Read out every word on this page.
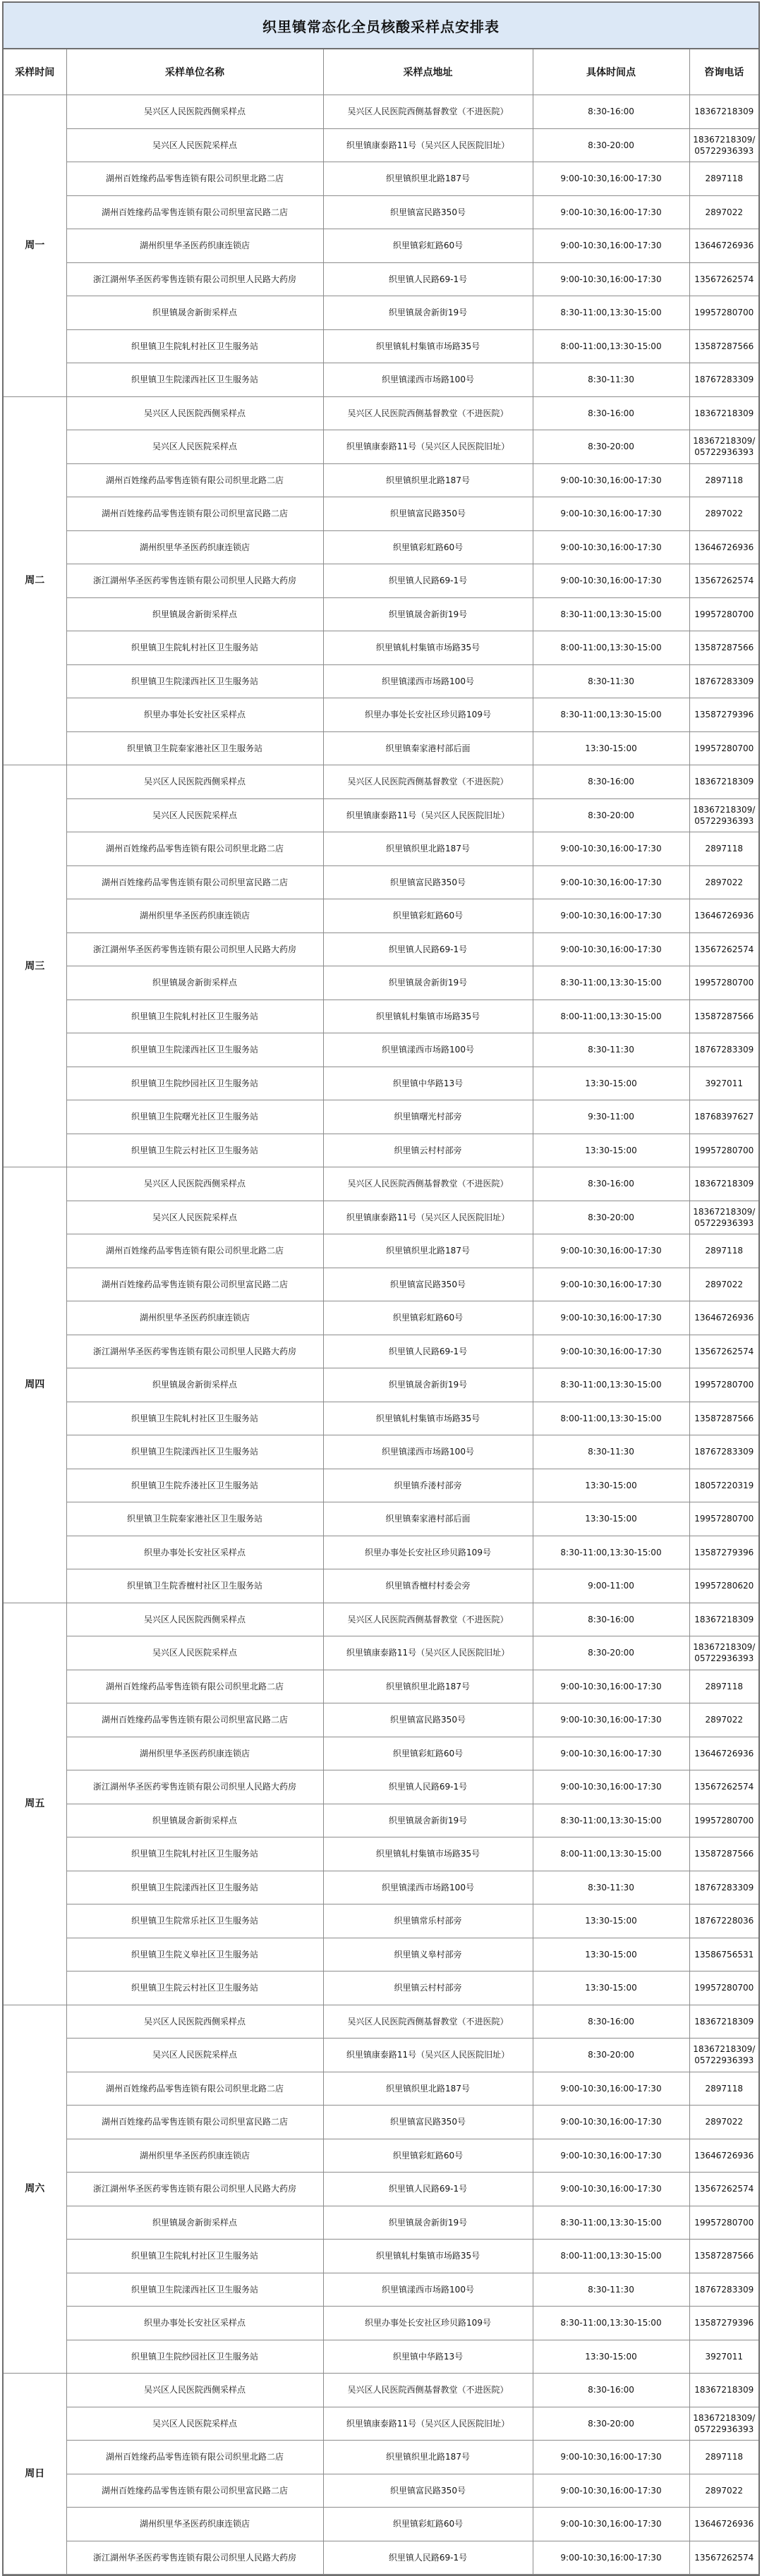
织里镇常态化全员核酸采样点安排表
采样时间	采样单位名称	采样点地址	具体时间点	咨询电话
周一	吴兴区人民医院西侧采样点	吴兴区人民医院西侧基督教堂（不进医院）	8:30-16:00	18367218309
	吴兴区人民医院采样点	织里镇康泰路11号（吴兴区人民医院旧址）	8:30-20:00	18367218309/
05722936393
	湖州百姓缘药品零售连锁有限公司织里北路二店	织里镇织里北路187号	9:00-10:30,16:00-17:30	2897118
	湖州百姓缘药品零售连锁有限公司织里富民路二店	织里镇富民路350号	9:00-10:30,16:00-17:30	2897022
	湖州织里华圣医药织康连锁店	织里镇彩虹路60号	9:00-10:30,16:00-17:30	13646726936
	浙江湖州华圣医药零售连锁有限公司织里人民路大药房	织里镇人民路69-1号	9:00-10:30,16:00-17:30	13567262574
	织里镇晟舍新街采样点	织里镇晟舍新街19号	8:30-11:00,13:30-15:00	19957280700
	织里镇卫生院轧村社区卫生服务站	织里镇轧村集镇市场路35号	8:00-11:00,13:30-15:00	13587287566
	织里镇卫生院漾西社区卫生服务站	织里镇漾西市场路100号	8:30-11:30	18767283309
周二	吴兴区人民医院西侧采样点	吴兴区人民医院西侧基督教堂（不进医院）	8:30-16:00	18367218309
	吴兴区人民医院采样点	织里镇康泰路11号（吴兴区人民医院旧址）	8:30-20:00	18367218309/
05722936393
	湖州百姓缘药品零售连锁有限公司织里北路二店	织里镇织里北路187号	9:00-10:30,16:00-17:30	2897118
	湖州百姓缘药品零售连锁有限公司织里富民路二店	织里镇富民路350号	9:00-10:30,16:00-17:30	2897022
	湖州织里华圣医药织康连锁店	织里镇彩虹路60号	9:00-10:30,16:00-17:30	13646726936
	浙江湖州华圣医药零售连锁有限公司织里人民路大药房	织里镇人民路69-1号	9:00-10:30,16:00-17:30	13567262574
	织里镇晟舍新街采样点	织里镇晟舍新街19号	8:30-11:00,13:30-15:00	19957280700
	织里镇卫生院轧村社区卫生服务站	织里镇轧村集镇市场路35号	8:00-11:00,13:30-15:00	13587287566
	织里镇卫生院漾西社区卫生服务站	织里镇漾西市场路100号	8:30-11:30	18767283309
	织里办事处长安社区采样点	织里办事处长安社区珍贝路109号	8:30-11:00,13:30-15:00	13587279396
	织里镇卫生院秦家港社区卫生服务站	织里镇秦家港村部后面	13:30-15:00	19957280700
周三	吴兴区人民医院西侧采样点	吴兴区人民医院西侧基督教堂（不进医院）	8:30-16:00	18367218309
	吴兴区人民医院采样点	织里镇康泰路11号（吴兴区人民医院旧址）	8:30-20:00	18367218309/
05722936393
	湖州百姓缘药品零售连锁有限公司织里北路二店	织里镇织里北路187号	9:00-10:30,16:00-17:30	2897118
	湖州百姓缘药品零售连锁有限公司织里富民路二店	织里镇富民路350号	9:00-10:30,16:00-17:30	2897022
	湖州织里华圣医药织康连锁店	织里镇彩虹路60号	9:00-10:30,16:00-17:30	13646726936
	浙江湖州华圣医药零售连锁有限公司织里人民路大药房	织里镇人民路69-1号	9:00-10:30,16:00-17:30	13567262574
	织里镇晟舍新街采样点	织里镇晟舍新街19号	8:30-11:00,13:30-15:00	19957280700
	织里镇卫生院轧村社区卫生服务站	织里镇轧村集镇市场路35号	8:00-11:00,13:30-15:00	13587287566
	织里镇卫生院漾西社区卫生服务站	织里镇漾西市场路100号	8:30-11:30	18767283309
	织里镇卫生院纱园社区卫生服务站	织里镇中华路13号	13:30-15:00	3927011
	织里镇卫生院曙光社区卫生服务站	织里镇曙光村部旁	9:30-11:00	18768397627
	织里镇卫生院云村社区卫生服务站	织里镇云村村部旁	13:30-15:00	19957280700
周四	吴兴区人民医院西侧采样点	吴兴区人民医院西侧基督教堂（不进医院）	8:30-16:00	18367218309
	吴兴区人民医院采样点	织里镇康泰路11号（吴兴区人民医院旧址）	8:30-20:00	18367218309/
05722936393
	湖州百姓缘药品零售连锁有限公司织里北路二店	织里镇织里北路187号	9:00-10:30,16:00-17:30	2897118
	湖州百姓缘药品零售连锁有限公司织里富民路二店	织里镇富民路350号	9:00-10:30,16:00-17:30	2897022
	湖州织里华圣医药织康连锁店	织里镇彩虹路60号	9:00-10:30,16:00-17:30	13646726936
	浙江湖州华圣医药零售连锁有限公司织里人民路大药房	织里镇人民路69-1号	9:00-10:30,16:00-17:30	13567262574
	织里镇晟舍新街采样点	织里镇晟舍新街19号	8:30-11:00,13:30-15:00	19957280700
	织里镇卫生院轧村社区卫生服务站	织里镇轧村集镇市场路35号	8:00-11:00,13:30-15:00	13587287566
	织里镇卫生院漾西社区卫生服务站	织里镇漾西市场路100号	8:30-11:30	18767283309
	织里镇卫生院乔溇社区卫生服务站	织里镇乔溇村部旁	13:30-15:00	18057220319
	织里镇卫生院秦家港社区卫生服务站	织里镇秦家港村部后面	13:30-15:00	19957280700
	织里办事处长安社区采样点	织里办事处长安社区珍贝路109号	8:30-11:00,13:30-15:00	13587279396
	织里镇卫生院香檀村社区卫生服务站	织里镇香檀村村委会旁	9:00-11:00	19957280620
周五	吴兴区人民医院西侧采样点	吴兴区人民医院西侧基督教堂（不进医院）	8:30-16:00	18367218309
	吴兴区人民医院采样点	织里镇康泰路11号（吴兴区人民医院旧址）	8:30-20:00	18367218309/
05722936393
	湖州百姓缘药品零售连锁有限公司织里北路二店	织里镇织里北路187号	9:00-10:30,16:00-17:30	2897118
	湖州百姓缘药品零售连锁有限公司织里富民路二店	织里镇富民路350号	9:00-10:30,16:00-17:30	2897022
	湖州织里华圣医药织康连锁店	织里镇彩虹路60号	9:00-10:30,16:00-17:30	13646726936
	浙江湖州华圣医药零售连锁有限公司织里人民路大药房	织里镇人民路69-1号	9:00-10:30,16:00-17:30	13567262574
	织里镇晟舍新街采样点	织里镇晟舍新街19号	8:30-11:00,13:30-15:00	19957280700
	织里镇卫生院轧村社区卫生服务站	织里镇轧村集镇市场路35号	8:00-11:00,13:30-15:00	13587287566
	织里镇卫生院漾西社区卫生服务站	织里镇漾西市场路100号	8:30-11:30	18767283309
	织里镇卫生院常乐社区卫生服务站	织里镇常乐村部旁	13:30-15:00	18767228036
	织里镇卫生院义皋社区卫生服务站	织里镇义皋村部旁	13:30-15:00	13586756531
	织里镇卫生院云村社区卫生服务站	织里镇云村村部旁	13:30-15:00	19957280700
周六	吴兴区人民医院西侧采样点	吴兴区人民医院西侧基督教堂（不进医院）	8:30-16:00	18367218309
	吴兴区人民医院采样点	织里镇康泰路11号（吴兴区人民医院旧址）	8:30-20:00	18367218309/
05722936393
	湖州百姓缘药品零售连锁有限公司织里北路二店	织里镇织里北路187号	9:00-10:30,16:00-17:30	2897118
	湖州百姓缘药品零售连锁有限公司织里富民路二店	织里镇富民路350号	9:00-10:30,16:00-17:30	2897022
	湖州织里华圣医药织康连锁店	织里镇彩虹路60号	9:00-10:30,16:00-17:30	13646726936
	浙江湖州华圣医药零售连锁有限公司织里人民路大药房	织里镇人民路69-1号	9:00-10:30,16:00-17:30	13567262574
	织里镇晟舍新街采样点	织里镇晟舍新街19号	8:30-11:00,13:30-15:00	19957280700
	织里镇卫生院轧村社区卫生服务站	织里镇轧村集镇市场路35号	8:00-11:00,13:30-15:00	13587287566
	织里镇卫生院漾西社区卫生服务站	织里镇漾西市场路100号	8:30-11:30	18767283309
	织里办事处长安社区采样点	织里办事处长安社区珍贝路109号	8:30-11:00,13:30-15:00	13587279396
	织里镇卫生院纱园社区卫生服务站	织里镇中华路13号	13:30-15:00	3927011
周日	吴兴区人民医院西侧采样点	吴兴区人民医院西侧基督教堂（不进医院）	8:30-16:00	18367218309
	吴兴区人民医院采样点	织里镇康泰路11号（吴兴区人民医院旧址）	8:30-20:00	18367218309/
05722936393
	湖州百姓缘药品零售连锁有限公司织里北路二店	织里镇织里北路187号	9:00-10:30,16:00-17:30	2897118
	湖州百姓缘药品零售连锁有限公司织里富民路二店	织里镇富民路350号	9:00-10:30,16:00-17:30	2897022
	湖州织里华圣医药织康连锁店	织里镇彩虹路60号	9:00-10:30,16:00-17:30	13646726936
	浙江湖州华圣医药零售连锁有限公司织里人民路大药房	织里镇人民路69-1号	9:00-10:30,16:00-17:30	13567262574
